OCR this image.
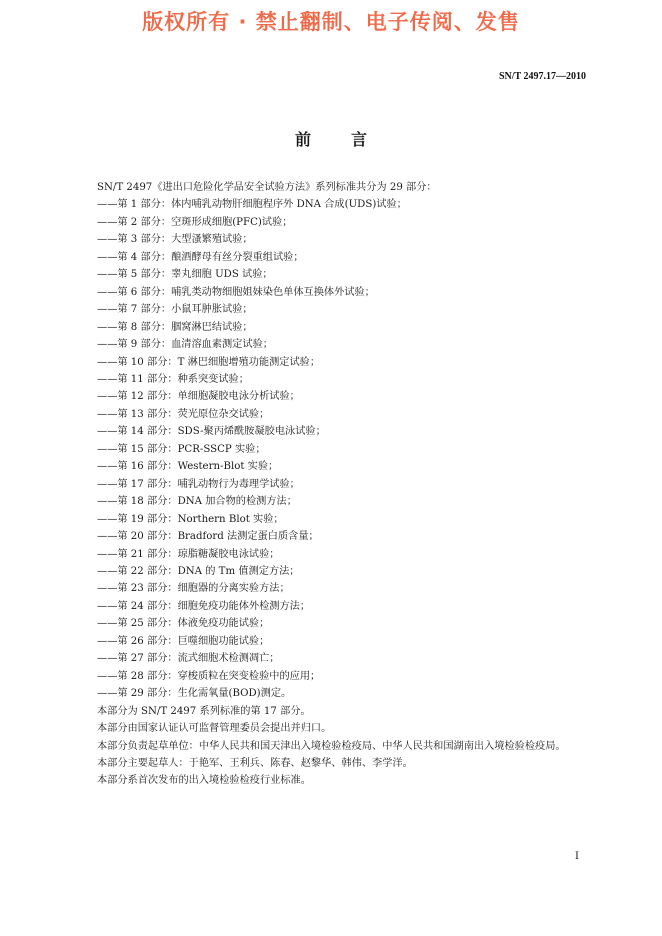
版权所有 · 禁止翻制、电子传阅、发售
SN/T 2497.17—2010
前言
SN/T 2497《进出口危险化学品安全试验方法》系列标准共分为 29 部分：
——第 1 部分：体内哺乳动物肝细胞程序外 DNA 合成(UDS)试验；
——第 2 部分：空斑形成细胞(PFC)试验；
——第 3 部分：大型溞繁殖试验；
——第 4 部分：酿酒酵母有丝分裂重组试验；
——第 5 部分：睾丸细胞 UDS 试验；
——第 6 部分：哺乳类动物细胞姐妹染色单体互换体外试验；
——第 7 部分：小鼠耳肿胀试验；
——第 8 部分：腘窝淋巴结试验；
——第 9 部分：血清溶血素测定试验；
——第 10 部分：T 淋巴细胞增殖功能测定试验；
——第 11 部分：种系突变试验；
——第 12 部分：单细胞凝胶电泳分析试验；
——第 13 部分：荧光原位杂交试验；
——第 14 部分：SDS-聚丙烯酰胺凝胶电泳试验；
——第 15 部分：PCR-SSCP 实验；
——第 16 部分：Western-Blot 实验；
——第 17 部分：哺乳动物行为毒理学试验；
——第 18 部分：DNA 加合物的检测方法；
——第 19 部分：Northern Blot 实验；
——第 20 部分：Bradford 法测定蛋白质含量；
——第 21 部分：琼脂糖凝胶电泳试验；
——第 22 部分：DNA 的 Tm 值测定方法；
——第 23 部分：细胞器的分离实验方法；
——第 24 部分：细胞免疫功能体外检测方法；
——第 25 部分：体液免疫功能试验；
——第 26 部分：巨噬细胞功能试验；
——第 27 部分：流式细胞术检测凋亡；
——第 28 部分：穿梭质粒在突变检验中的应用；
——第 29 部分：生化需氧量(BOD)测定。
本部分为 SN/T 2497 系列标准的第 17 部分。
本部分由国家认证认可监督管理委员会提出并归口。
本部分负责起草单位：中华人民共和国天津出入境检验检疫局、中华人民共和国湖南出入境检验检疫局。
本部分主要起草人：于艳军、王利兵、陈春、赵黎华、韩伟、李学洋。
本部分系首次发布的出入境检验检疫行业标准。
I
